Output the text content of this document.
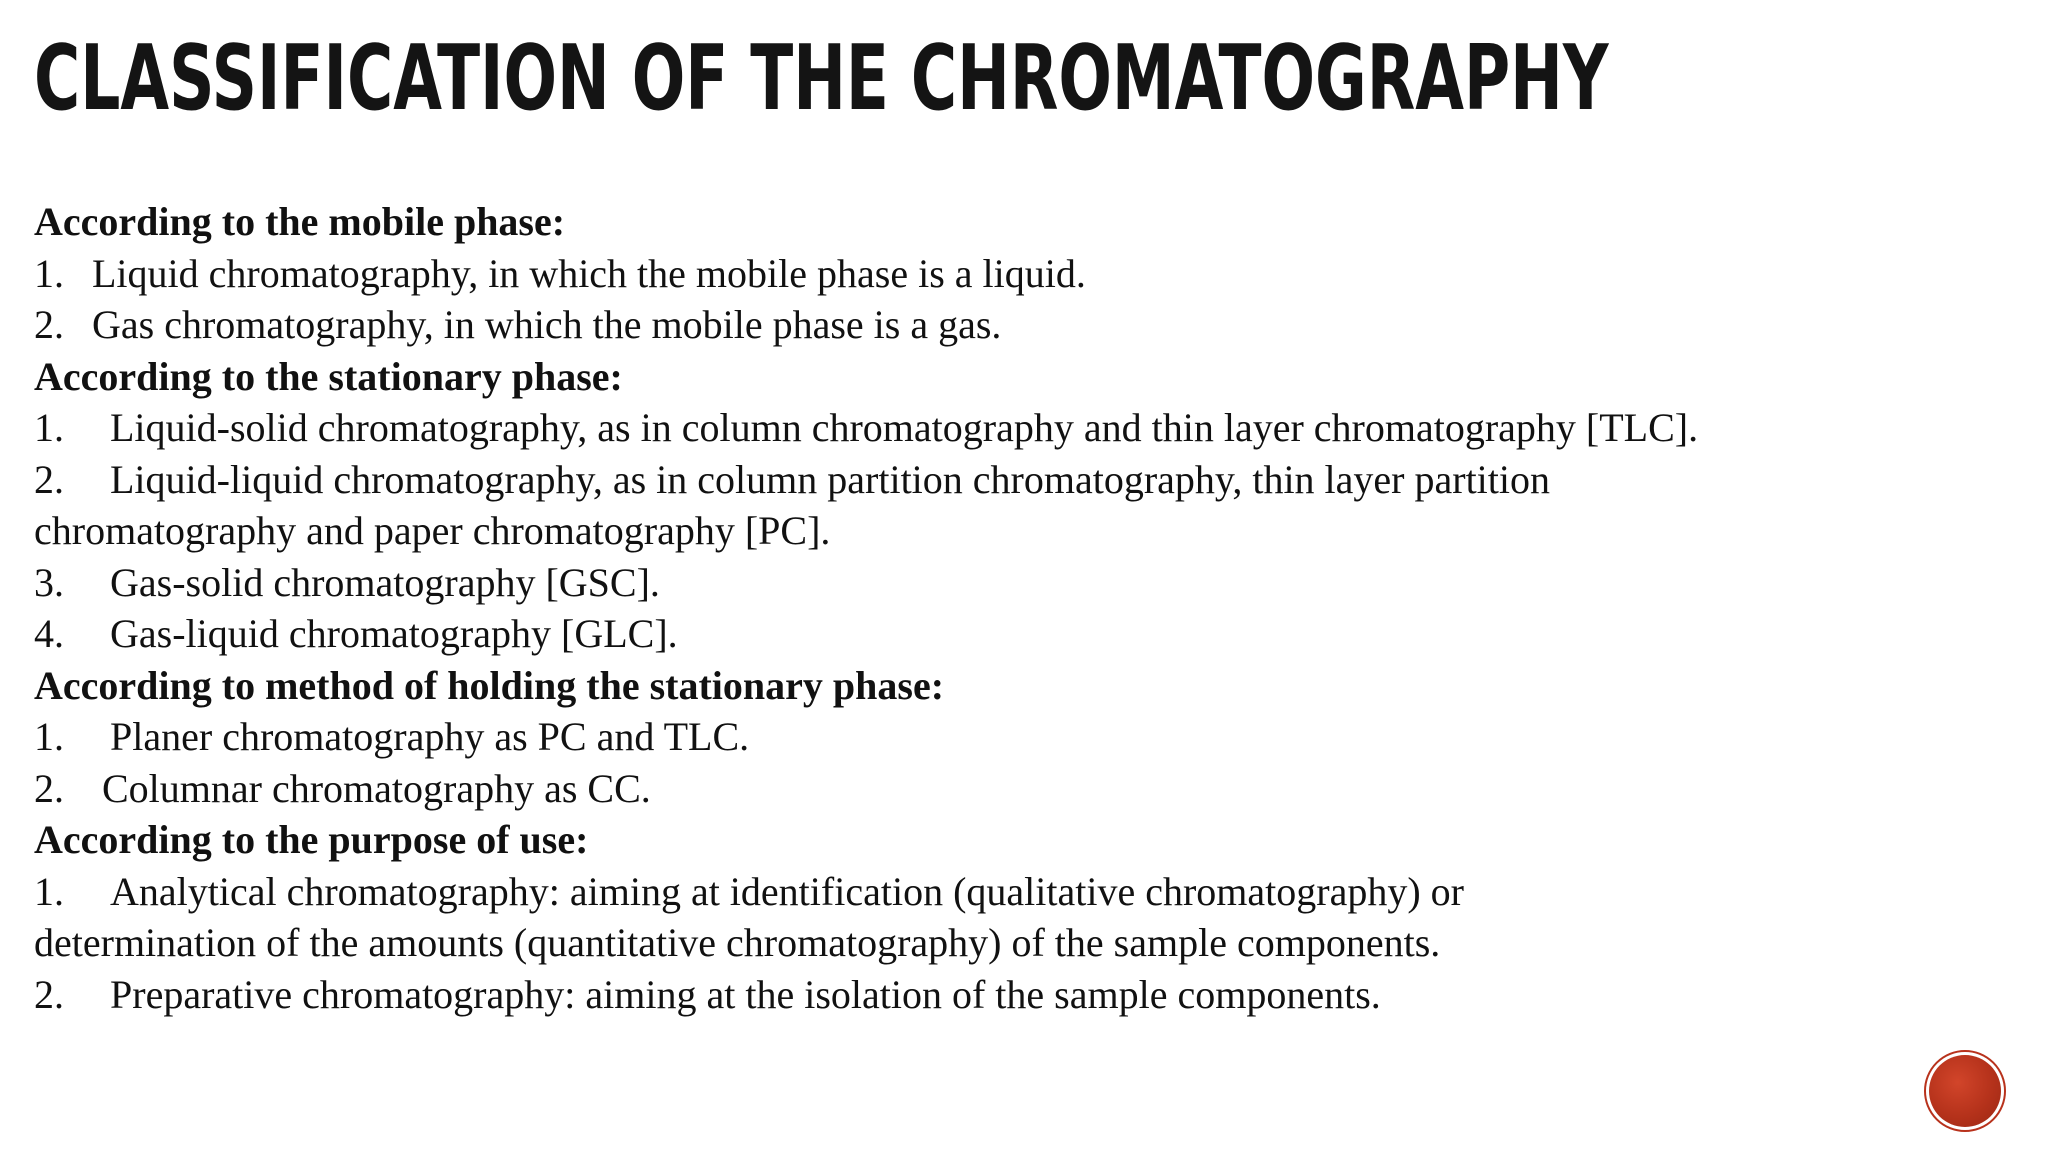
CLASSIFICATION OF THE CHROMATOGRAPHY
According to the mobile phase:
1. Liquid chromatography, in which the mobile phase is a liquid.
2. Gas chromatography, in which the mobile phase is a gas.
According to the stationary phase:
1. Liquid-solid chromatography, as in column chromatography and thin layer chromatography [TLC].
2. Liquid-liquid chromatography, as in column partition chromatography, thin layer partition
chromatography and paper chromatography [PC].
3. Gas-solid chromatography [GSC].
4. Gas-liquid chromatography [GLC].
According to method of holding the stationary phase:
1. Planer chromatography as PC and TLC.
2. Columnar chromatography as CC.
According to the purpose of use:
1. Analytical chromatography: aiming at identification (qualitative chromatography) or
determination of the amounts (quantitative chromatography) of the sample components.
2. Preparative chromatography: aiming at the isolation of the sample components.
